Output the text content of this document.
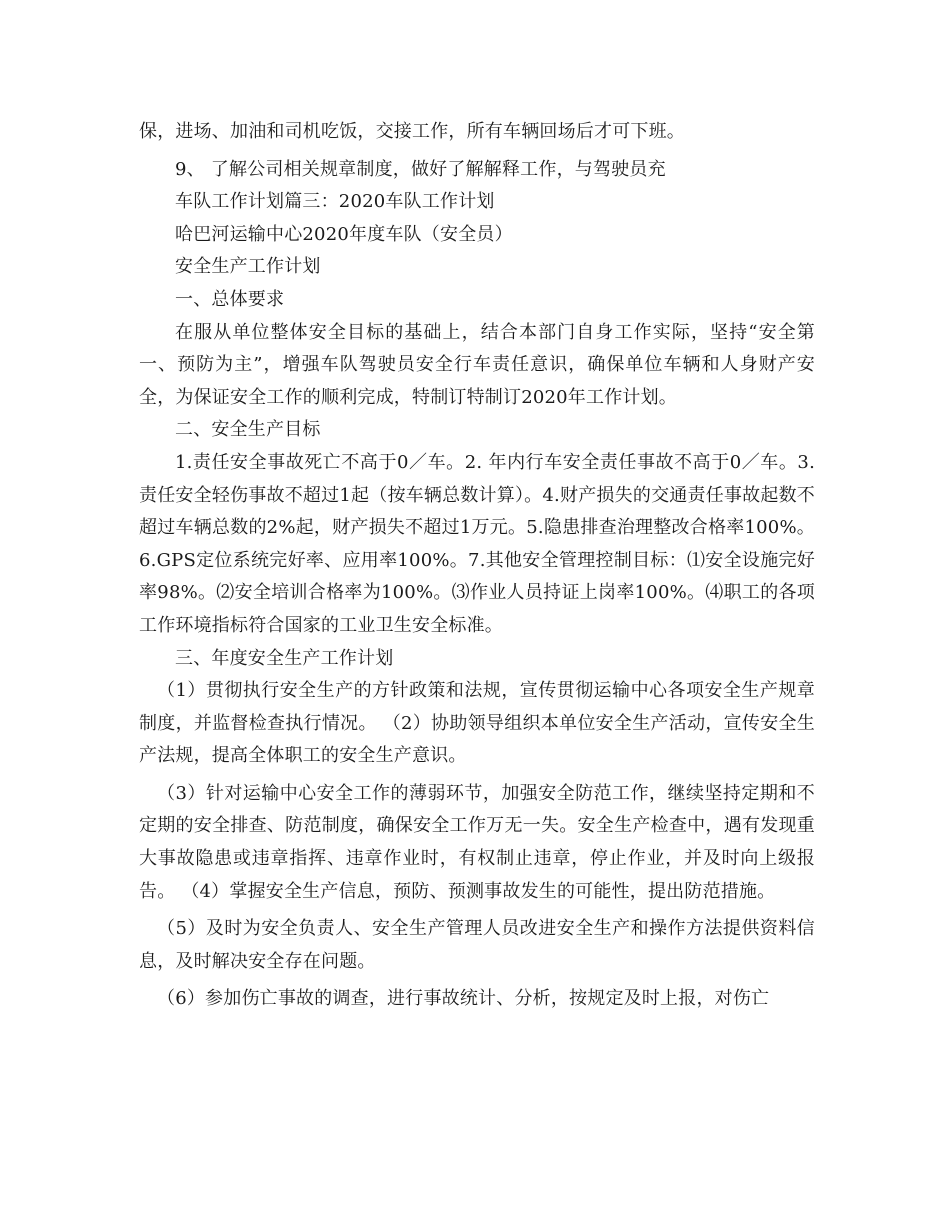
保，进场、加油和司机吃饭，交接工作，所有车辆回场后才可下班。

9、 了解公司相关规章制度，做好了解解释工作，与驾驶员充

车队工作计划篇三：2020车队工作计划

哈巴河运输中心2020年度车队（安全员）

安全生产工作计划

一、总体要求

在服从单位整体安全目标的基础上，结合本部门自身工作实际，坚持“安全第一、预防为主”，增强车队驾驶员安全行车责任意识，确保单位车辆和人身财产安全，为保证安全工作的顺利完成，特制订特制订2020年工作计划。

二、安全生产目标

1.责任安全事故死亡不高于0／车。2. 年内行车安全责任事故不高于0／车。3.责任安全轻伤事故不超过1起（按车辆总数计算）。4.财产损失的交通责任事故起数不超过车辆总数的2%起，财产损失不超过1万元。5.隐患排查治理整改合格率100%。6.GPS定位系统完好率、应用率100%。7.其他安全管理控制目标：⑴安全设施完好率98%。⑵安全培训合格率为100%。⑶作业人员持证上岗率100%。⑷职工的各项工作环境指标符合国家的工业卫生安全标准。

三、年度安全生产工作计划

（1）贯彻执行安全生产的方针政策和法规，宣传贯彻运输中心各项安全生产规章制度，并监督检查执行情况。 （2）协助领导组织本单位安全生产活动，宣传安全生产法规，提高全体职工的安全生产意识。

（3）针对运输中心安全工作的薄弱环节，加强安全防范工作，继续坚持定期和不定期的安全排查、防范制度，确保安全工作万无一失。安全生产检查中，遇有发现重大事故隐患或违章指挥、违章作业时，有权制止违章，停止作业，并及时向上级报告。 （4）掌握安全生产信息，预防、预测事故发生的可能性，提出防范措施。

（5）及时为安全负责人、安全生产管理人员改进安全生产和操作方法提供资料信息，及时解决安全存在问题。

（6）参加伤亡事故的调查，进行事故统计、分析，按规定及时上报，对伤亡
